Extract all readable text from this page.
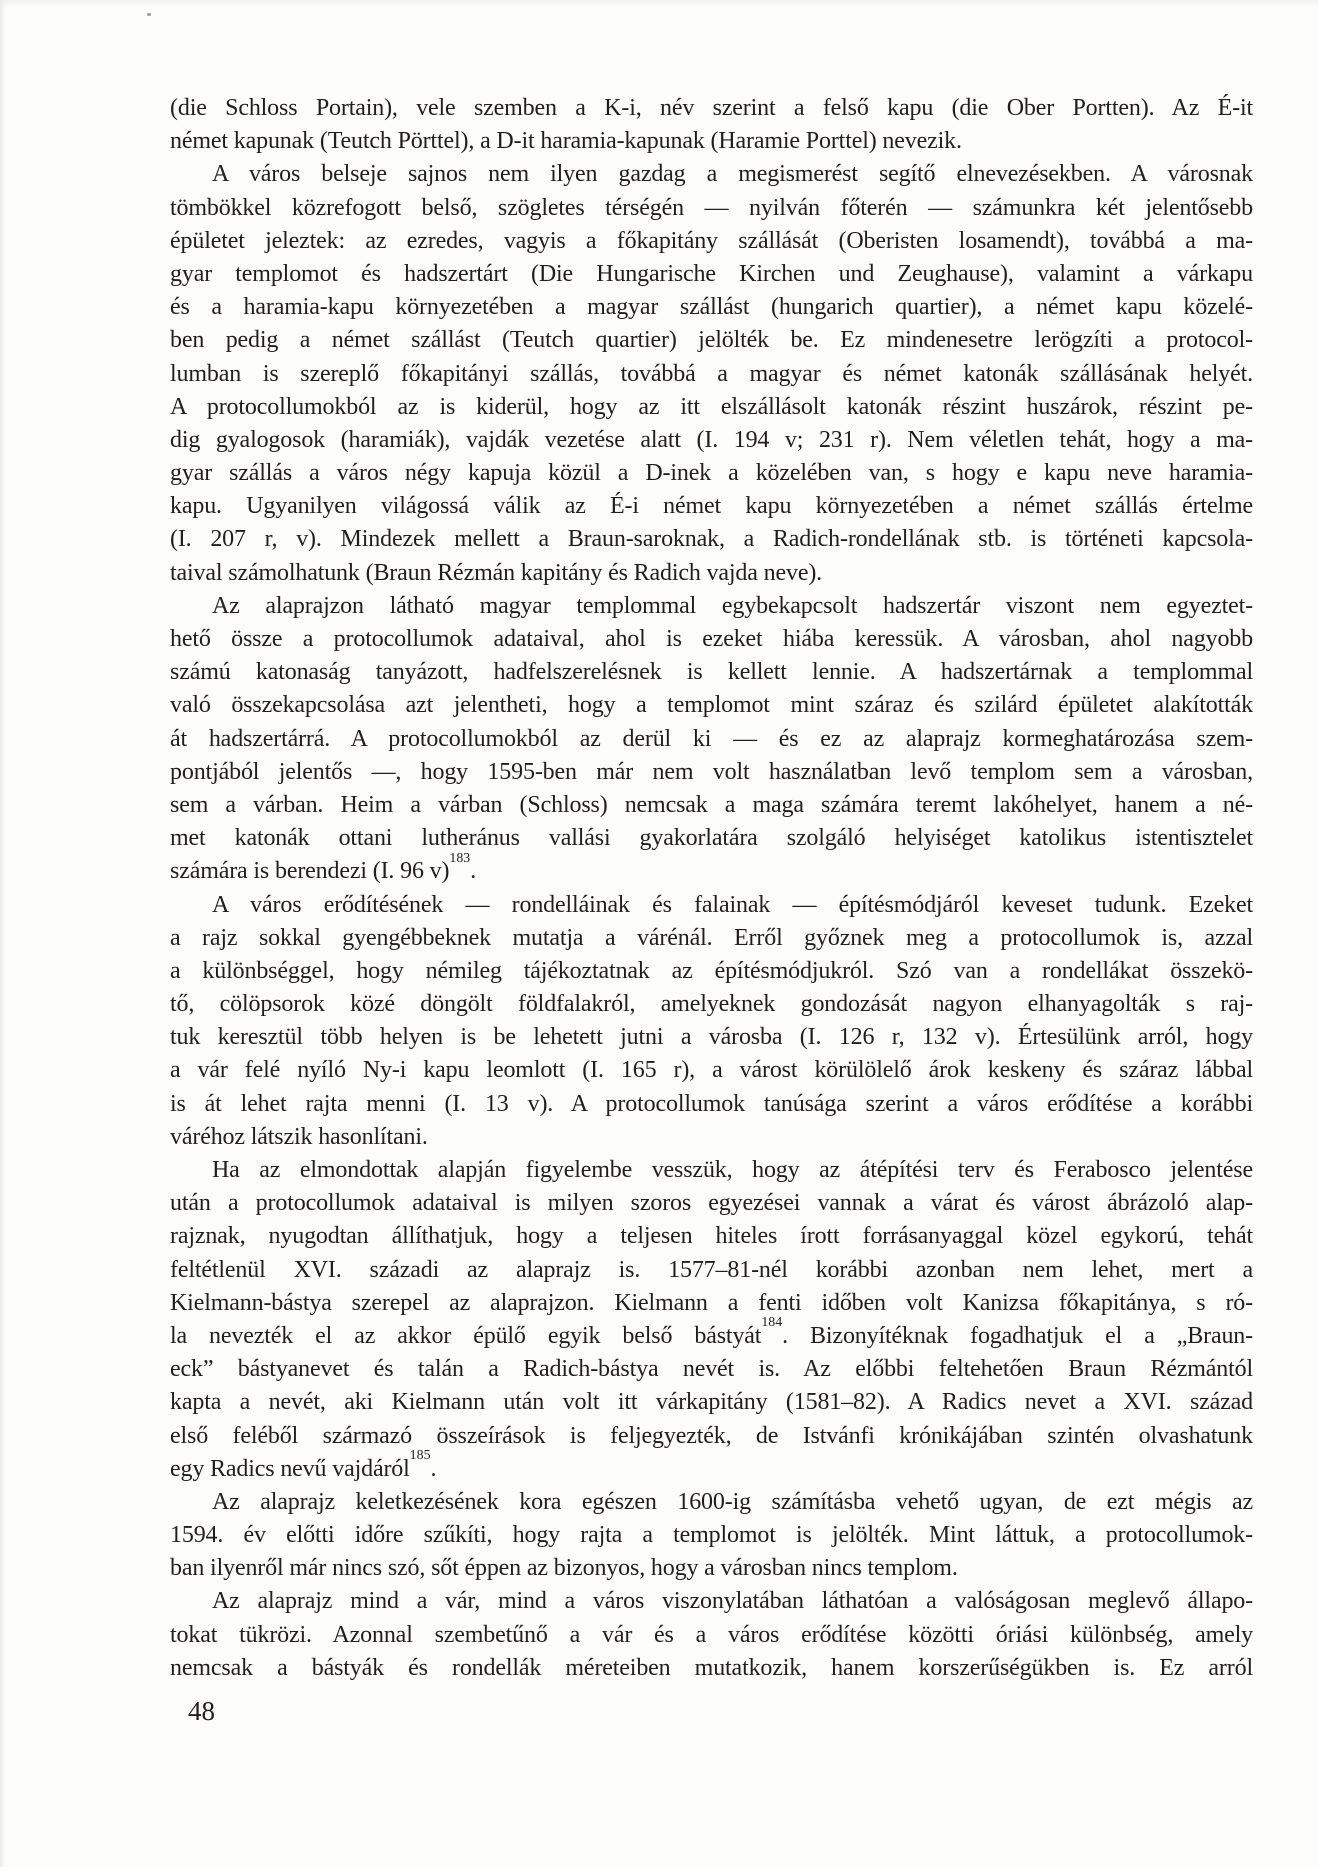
(die Schloss Portain), vele szemben a K-i, név szerint a felső kapu (die Ober Portten). Az É-it
német kapunak (Teutch Pörttel), a D-it haramia-kapunak (Haramie Porttel) nevezik.
A város belseje sajnos nem ilyen gazdag a megismerést segítő elnevezésekben. A városnak
tömbökkel közrefogott belső, szögletes térségén — nyilván főterén — számunkra két jelentősebb
épületet jeleztek: az ezredes, vagyis a főkapitány szállását (Oberisten losamendt), továbbá a ma-
gyar templomot és hadszertárt (Die Hungarische Kirchen und Zeughause), valamint a várkapu
és a haramia-kapu környezetében a magyar szállást (hungarich quartier), a német kapu közelé-
ben pedig a német szállást (Teutch quartier) jelölték be. Ez mindenesetre lerögzíti a protocol-
lumban is szereplő főkapitányi szállás, továbbá a magyar és német katonák szállásának helyét.
A protocollumokból az is kiderül, hogy az itt elszállásolt katonák részint huszárok, részint pe-
dig gyalogosok (haramiák), vajdák vezetése alatt (I. 194 v; 231 r). Nem véletlen tehát, hogy a ma-
gyar szállás a város négy kapuja közül a D-inek a közelében van, s hogy e kapu neve haramia-
kapu. Ugyanilyen világossá válik az É-i német kapu környezetében a német szállás értelme
(I. 207 r, v). Mindezek mellett a Braun-saroknak, a Radich-rondellának stb. is történeti kapcsola-
taival számolhatunk (Braun Rézmán kapitány és Radich vajda neve).
Az alaprajzon látható magyar templommal egybekapcsolt hadszertár viszont nem egyeztet-
hető össze a protocollumok adataival, ahol is ezeket hiába keressük. A városban, ahol nagyobb
számú katonaság tanyázott, hadfelszerelésnek is kellett lennie. A hadszertárnak a templommal
való összekapcsolása azt jelentheti, hogy a templomot mint száraz és szilárd épületet alakították
át hadszertárrá. A protocollumokból az derül ki — és ez az alaprajz kormeghatározása szem-
pontjából jelentős —, hogy 1595-ben már nem volt használatban levő templom sem a városban,
sem a várban. Heim a várban (Schloss) nemcsak a maga számára teremt lakóhelyet, hanem a né-
met katonák ottani lutheránus vallási gyakorlatára szolgáló helyiséget katolikus istentisztelet
számára is berendezi (I. 96 v)$^{183}$.
A város erődítésének — rondelláinak és falainak — építésmódjáról keveset tudunk. Ezeket
a rajz sokkal gyengébbeknek mutatja a várénál. Erről győznek meg a protocollumok is, azzal
a különbséggel, hogy némileg tájékoztatnak az építésmódjukról. Szó van a rondellákat összekö-
tő, cölöpsorok közé döngölt földfalakról, amelyeknek gondozását nagyon elhanyagolták s raj-
tuk keresztül több helyen is be lehetett jutni a városba (I. 126 r, 132 v). Értesülünk arról, hogy
a vár felé nyíló Ny-i kapu leomlott (I. 165 r), a várost körülölelő árok keskeny és száraz lábbal
is át lehet rajta menni (I. 13 v). A protocollumok tanúsága szerint a város erődítése a korábbi
váréhoz látszik hasonlítani.
Ha az elmondottak alapján figyelembe vesszük, hogy az átépítési terv és Ferabosco jelentése
után a protocollumok adataival is milyen szoros egyezései vannak a várat és várost ábrázoló alap-
rajznak, nyugodtan állíthatjuk, hogy a teljesen hiteles írott forrásanyaggal közel egykorú, tehát
feltétlenül XVI. századi az alaprajz is. 1577–81-nél korábbi azonban nem lehet, mert a
Kielmann-bástya szerepel az alaprajzon. Kielmann a fenti időben volt Kanizsa főkapitánya, s ró-
la nevezték el az akkor épülő egyik belső bástyát$^{184}$. Bizonyítéknak fogadhatjuk el a „Braun-
eck” bástyanevet és talán a Radich-bástya nevét is. Az előbbi feltehetően Braun Rézmántól
kapta a nevét, aki Kielmann után volt itt várkapitány (1581–82). A Radics nevet a XVI. század
első feléből származó összeírások is feljegyezték, de Istvánfi krónikájában szintén olvashatunk
egy Radics nevű vajdáról$^{185}$.
Az alaprajz keletkezésének kora egészen 1600-ig számításba vehető ugyan, de ezt mégis az
1594. év előtti időre szűkíti, hogy rajta a templomot is jelölték. Mint láttuk, a protocollumok-
ban ilyenről már nincs szó, sőt éppen az bizonyos, hogy a városban nincs templom.
Az alaprajz mind a vár, mind a város viszonylatában láthatóan a valóságosan meglevő állapo-
tokat tükrözi. Azonnal szembetűnő a vár és a város erődítése közötti óriási különbség, amely
nemcsak a bástyák és rondellák méreteiben mutatkozik, hanem korszerűségükben is. Ez arról
48
